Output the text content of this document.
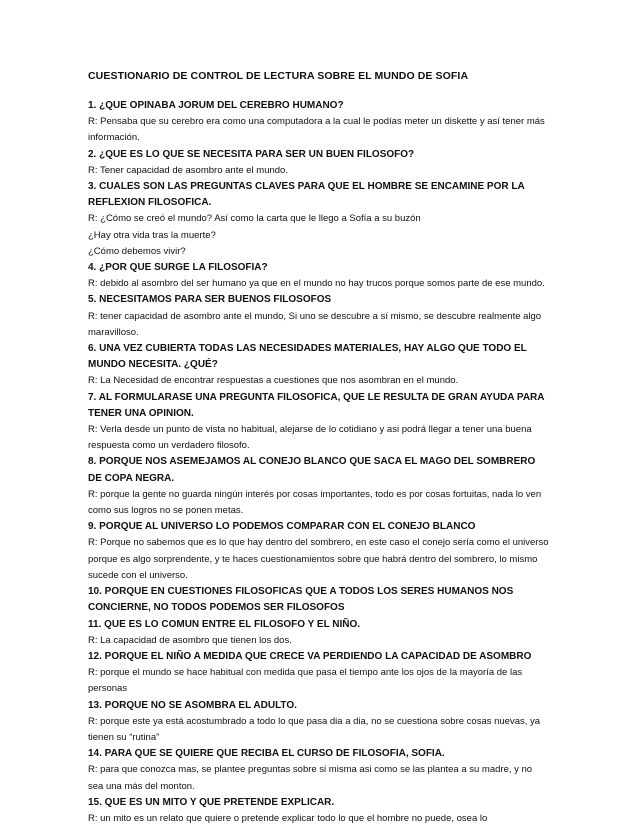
CUESTIONARIO DE CONTROL DE LECTURA SOBRE EL MUNDO DE SOFIA

1. ¿QUE OPINABA JORUM DEL CEREBRO HUMANO?

R: Pensaba que su cerebro era como una computadora a la cual le podías meter un diskette y así tener más información.

2. ¿QUE ES LO QUE SE NECESITA PARA SER UN BUEN FILOSOFO?

R: Tener capacidad de asombro ante el mundo.

3. CUALES SON LAS PREGUNTAS CLAVES PARA QUE EL HOMBRE SE ENCAMINE POR LA REFLEXION FILOSOFICA.

R: ¿Cómo se creó el mundo? Así como la carta que le llego a Sofía a su buzón

¿Hay otra vida tras la muerte?

¿Cómo debemos vivir?

4. ¿POR QUE SURGE LA FILOSOFIA?

R: debido al asombro del ser humano ya que en el mundo no hay trucos porque somos parte de ese mundo.

5. NECESITAMOS PARA SER BUENOS FILOSOFOS

R: tener capacidad de asombro ante el mundo, Si uno se descubre a sí mismo, se descubre realmente algo maravilloso.

6. UNA VEZ CUBIERTA TODAS LAS NECESIDADES MATERIALES, HAY ALGO QUE TODO EL MUNDO NECESITA. ¿QUÉ?

R: La Necesidad de encontrar respuestas a cuestiones que nos asombran en el mundo.

7. AL FORMULARASE UNA PREGUNTA FILOSOFICA, QUE LE RESULTA DE GRAN AYUDA PARA TENER UNA OPINION.

R: Verla desde un punto de vista no habitual, alejarse de lo cotidiano y asi podrá llegar a tener una buena respuesta como un verdadero filosofo.

8. PORQUE NOS ASEMEJAMOS AL CONEJO BLANCO QUE SACA EL MAGO DEL SOMBRERO DE COPA NEGRA.

R: porque la gente no guarda ningún interés por cosas importantes, todo es por cosas fortuitas, nada lo ven como sus logros no se ponen metas.

9. PORQUE AL UNIVERSO LO PODEMOS COMPARAR CON EL CONEJO BLANCO

R: Porque no sabemos que es lo que hay dentro del sombrero, en este caso el conejo sería como el universo porque es algo sorprendente, y te haces cuestionamientos sobre que habrá dentro del sombrero, lo mismo sucede con el universo.

10. PORQUE EN CUESTIONES FILOSOFICAS QUE A TODOS LOS SERES HUMANOS NOS CONCIERNE, NO TODOS PODEMOS SER FILOSOFOS

11. QUE ES LO COMUN ENTRE EL FILOSOFO Y EL NIÑO.

R: La capacidad de asombro que tienen los dos.

12. PORQUE EL NIÑO A MEDIDA QUE CRECE VA PERDIENDO LA CAPACIDAD DE ASOMBRO

R: porque el mundo se hace habitual con medida que pasa el tiempo ante los ojos de la mayoría de las personas

13. PORQUE NO SE ASOMBRA EL ADULTO.

R: porque este ya está acostumbrado a todo lo que pasa dia a dia, no se cuestiona sobre cosas nuevas, ya tienen su “rutina”

14. PARA QUE SE QUIERE QUE RECIBA EL CURSO DE FILOSOFIA, SOFIA.

R: para que conozca mas, se plantee preguntas sobre si misma asi como se las plantea a su madre, y no sea una más del monton.

15. QUE ES UN MITO Y QUE PRETENDE EXPLICAR.

R: un mito es un relato que quiere o pretende explicar todo lo que el hombre no puede, osea lo
